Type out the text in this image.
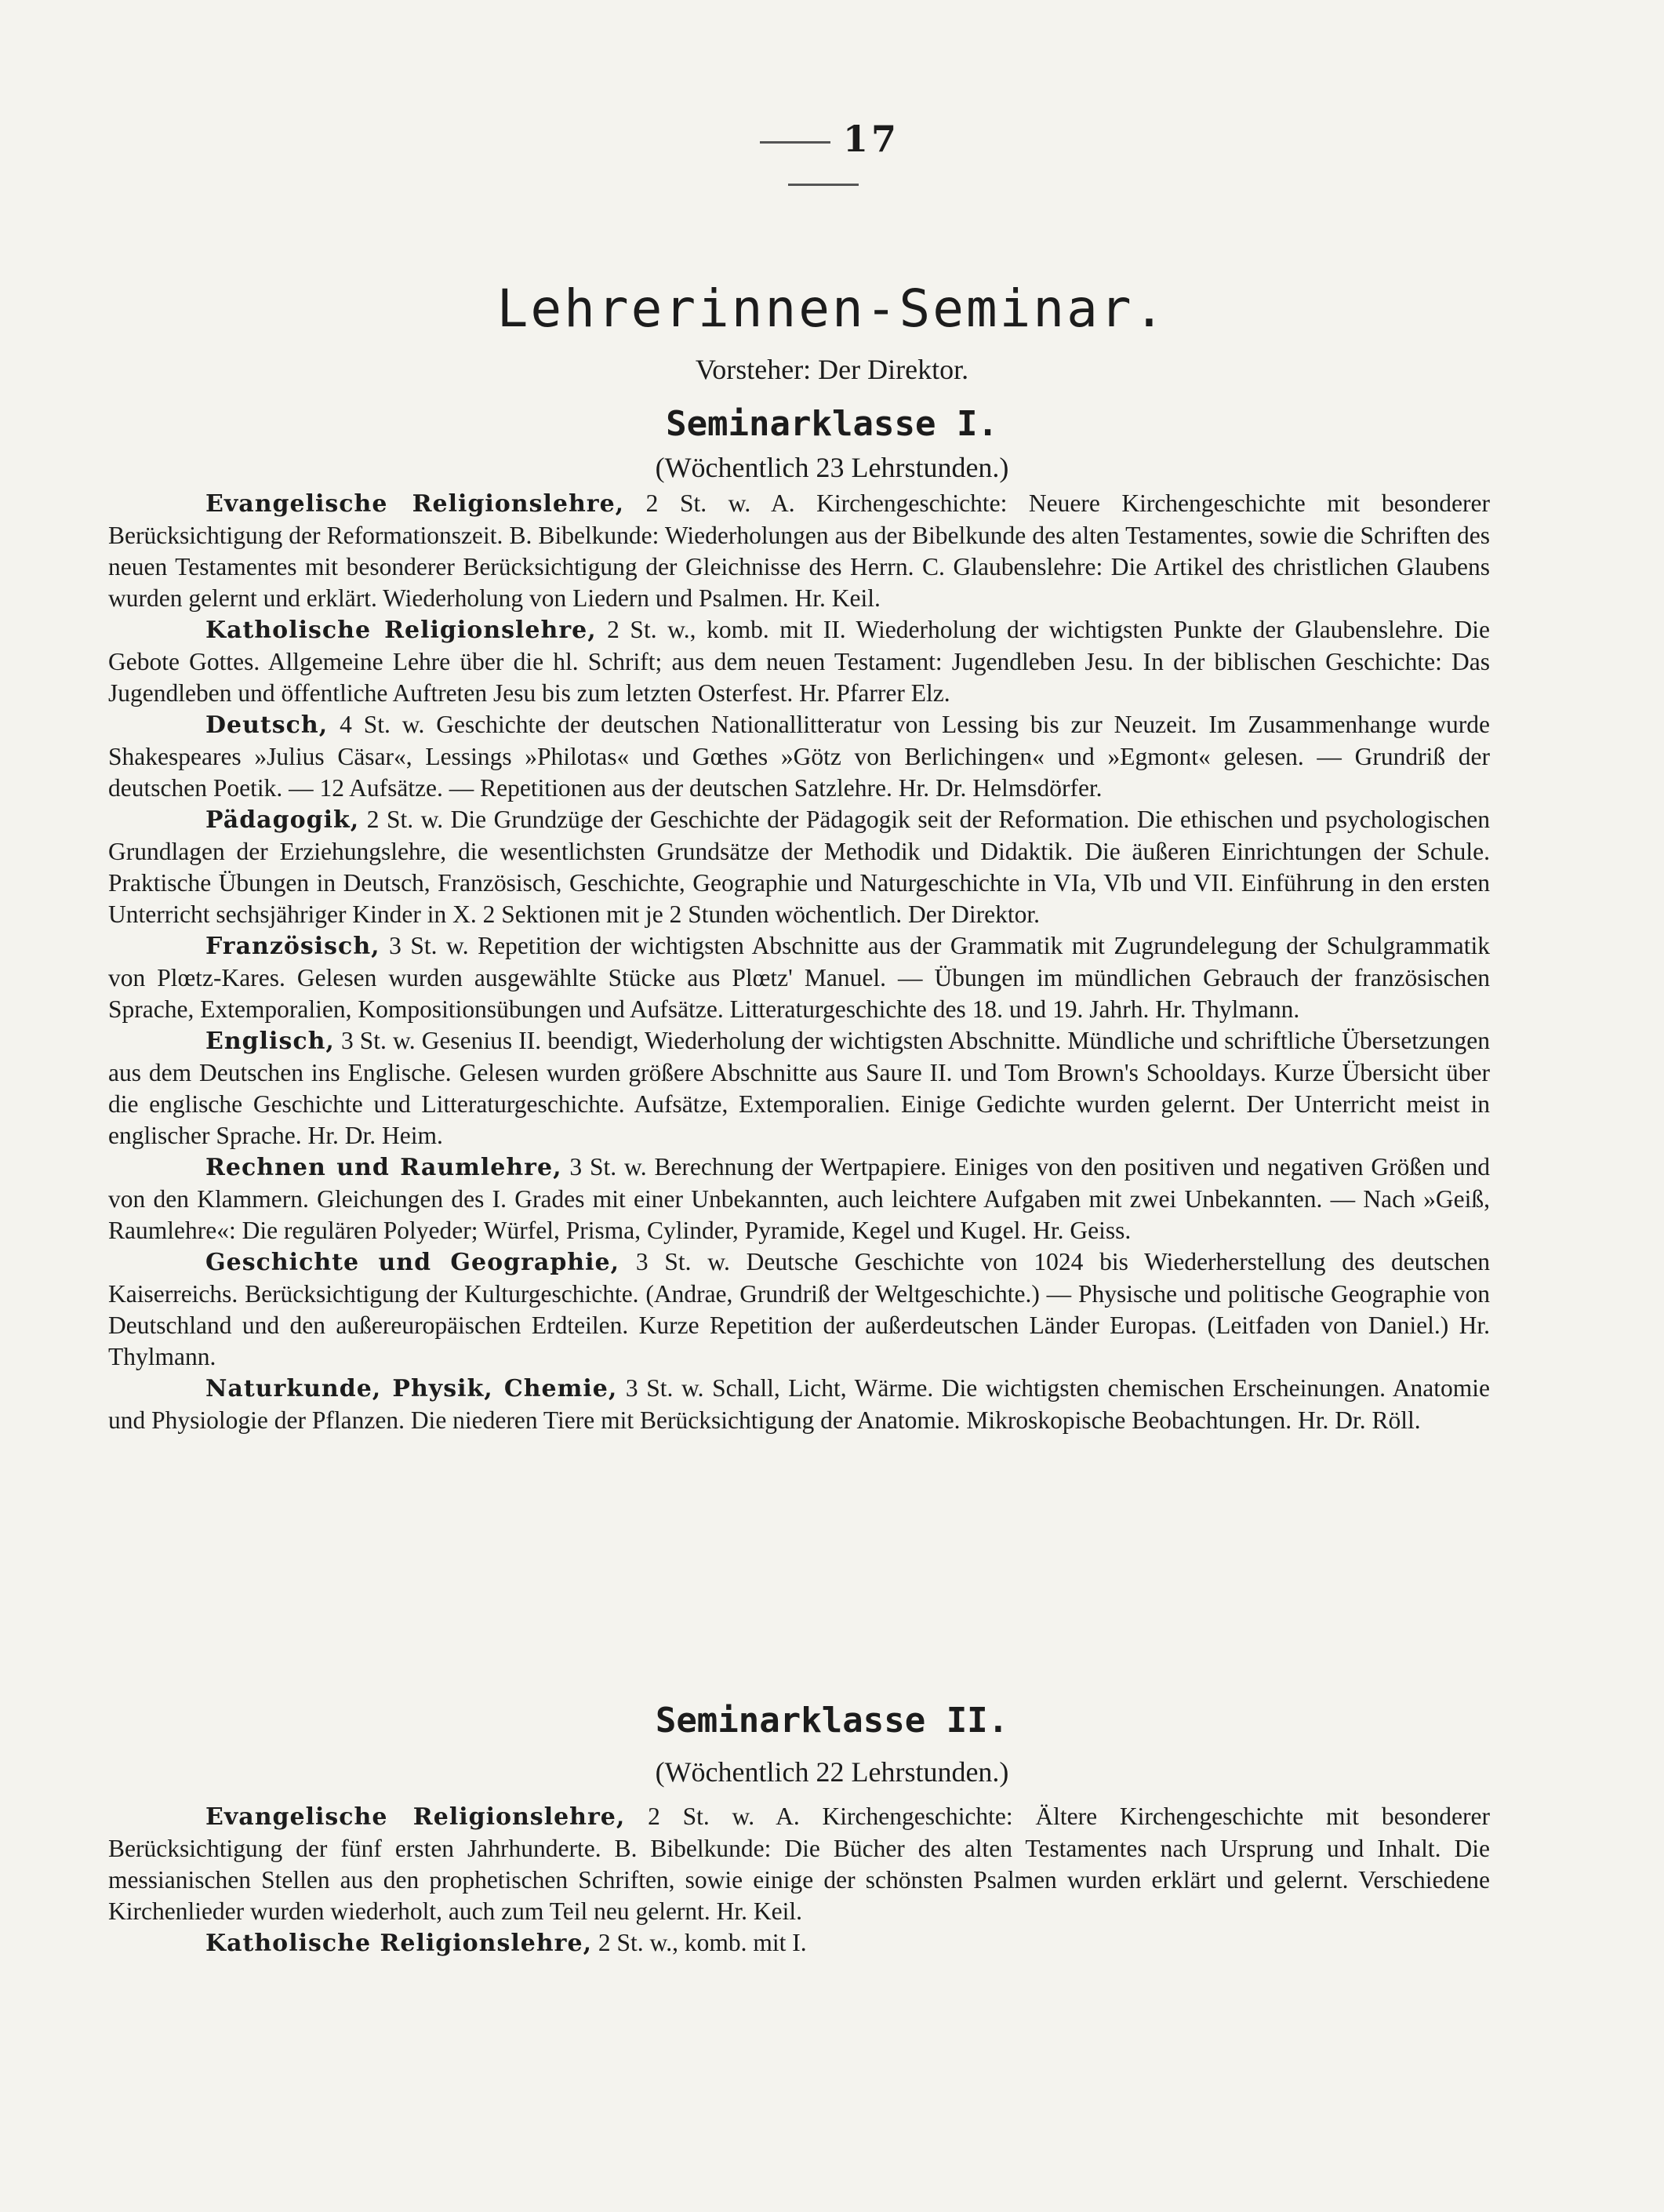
17
Lehrerinnen-Seminar.
Vorsteher: Der Direktor.
Seminarklasse I.
(Wöchentlich 23 Lehrstunden.)

Evangelische Religionslehre, 2 St. w. A. Kirchengeschichte: Neuere Kirchengeschichte mit besonderer Berücksichtigung der Reformationszeit. B. Bibelkunde: Wiederholungen aus der Bibelkunde des alten Testamentes, sowie die Schriften des neuen Testamentes mit besonderer Berücksichtigung der Gleichnisse des Herrn. C. Glaubenslehre: Die Artikel des christlichen Glaubens wurden gelernt und erklärt. Wiederholung von Liedern und Psalmen. Hr. Keil.

Katholische Religionslehre, 2 St. w., komb. mit II. Wiederholung der wichtigsten Punkte der Glaubenslehre. Die Gebote Gottes. Allgemeine Lehre über die hl. Schrift; aus dem neuen Testament: Jugendleben Jesu. In der biblischen Geschichte: Das Jugendleben und öffentliche Auftreten Jesu bis zum letzten Osterfest. Hr. Pfarrer Elz.

Deutsch, 4 St. w. Geschichte der deutschen Nationallitteratur von Lessing bis zur Neuzeit. Im Zusammenhange wurde Shakespeares »Julius Cäsar«, Lessings »Philotas« und Gœthes »Götz von Berlichingen« und »Egmont« gelesen. — Grundriß der deutschen Poetik. — 12 Aufsätze. — Repetitionen aus der deutschen Satzlehre. Hr. Dr. Helmsdörfer.

Pädagogik, 2 St. w. Die Grundzüge der Geschichte der Pädagogik seit der Reformation. Die ethischen und psychologischen Grundlagen der Erziehungslehre, die wesentlichsten Grundsätze der Methodik und Didaktik. Die äußeren Einrichtungen der Schule. Praktische Übungen in Deutsch, Französisch, Geschichte, Geographie und Naturgeschichte in VIa, VIb und VII. Einführung in den ersten Unterricht sechsjähriger Kinder in X. 2 Sektionen mit je 2 Stunden wöchentlich. Der Direktor.

Französisch, 3 St. w. Repetition der wichtigsten Abschnitte aus der Grammatik mit Zugrundelegung der Schulgrammatik von Plœtz-Kares. Gelesen wurden ausgewählte Stücke aus Plœtz' Manuel. — Übungen im mündlichen Gebrauch der französischen Sprache, Extemporalien, Kompositionsübungen und Aufsätze. Litteraturgeschichte des 18. und 19. Jahrh. Hr. Thylmann.

Englisch, 3 St. w. Gesenius II. beendigt, Wiederholung der wichtigsten Abschnitte. Mündliche und schriftliche Übersetzungen aus dem Deutschen ins Englische. Gelesen wurden größere Abschnitte aus Saure II. und Tom Brown's Schooldays. Kurze Übersicht über die englische Geschichte und Litteraturgeschichte. Aufsätze, Extemporalien. Einige Gedichte wurden gelernt. Der Unterricht meist in englischer Sprache. Hr. Dr. Heim.

Rechnen und Raumlehre, 3 St. w. Berechnung der Wertpapiere. Einiges von den positiven und negativen Größen und von den Klammern. Gleichungen des I. Grades mit einer Unbekannten, auch leichtere Aufgaben mit zwei Unbekannten. — Nach »Geiß, Raumlehre«: Die regulären Polyeder; Würfel, Prisma, Cylinder, Pyramide, Kegel und Kugel. Hr. Geiss.

Geschichte und Geographie, 3 St. w. Deutsche Geschichte von 1024 bis Wiederherstellung des deutschen Kaiserreichs. Berücksichtigung der Kulturgeschichte. (Andrae, Grundriß der Weltgeschichte.) — Physische und politische Geographie von Deutschland und den außereuropäischen Erdteilen. Kurze Repetition der außerdeutschen Länder Europas. (Leitfaden von Daniel.) Hr. Thylmann.

Naturkunde, Physik, Chemie, 3 St. w. Schall, Licht, Wärme. Die wichtigsten chemischen Erscheinungen. Anatomie und Physiologie der Pflanzen. Die niederen Tiere mit Berücksichtigung der Anatomie. Mikroskopische Beobachtungen. Hr. Dr. Röll.

Seminarklasse II.
(Wöchentlich 22 Lehrstunden.)

Evangelische Religionslehre, 2 St. w. A. Kirchengeschichte: Ältere Kirchengeschichte mit besonderer Berücksichtigung der fünf ersten Jahrhunderte. B. Bibelkunde: Die Bücher des alten Testamentes nach Ursprung und Inhalt. Die messianischen Stellen aus den prophetischen Schriften, sowie einige der schönsten Psalmen wurden erklärt und gelernt. Verschiedene Kirchenlieder wurden wiederholt, auch zum Teil neu gelernt. Hr. Keil.

Katholische Religionslehre, 2 St. w., komb. mit I.
